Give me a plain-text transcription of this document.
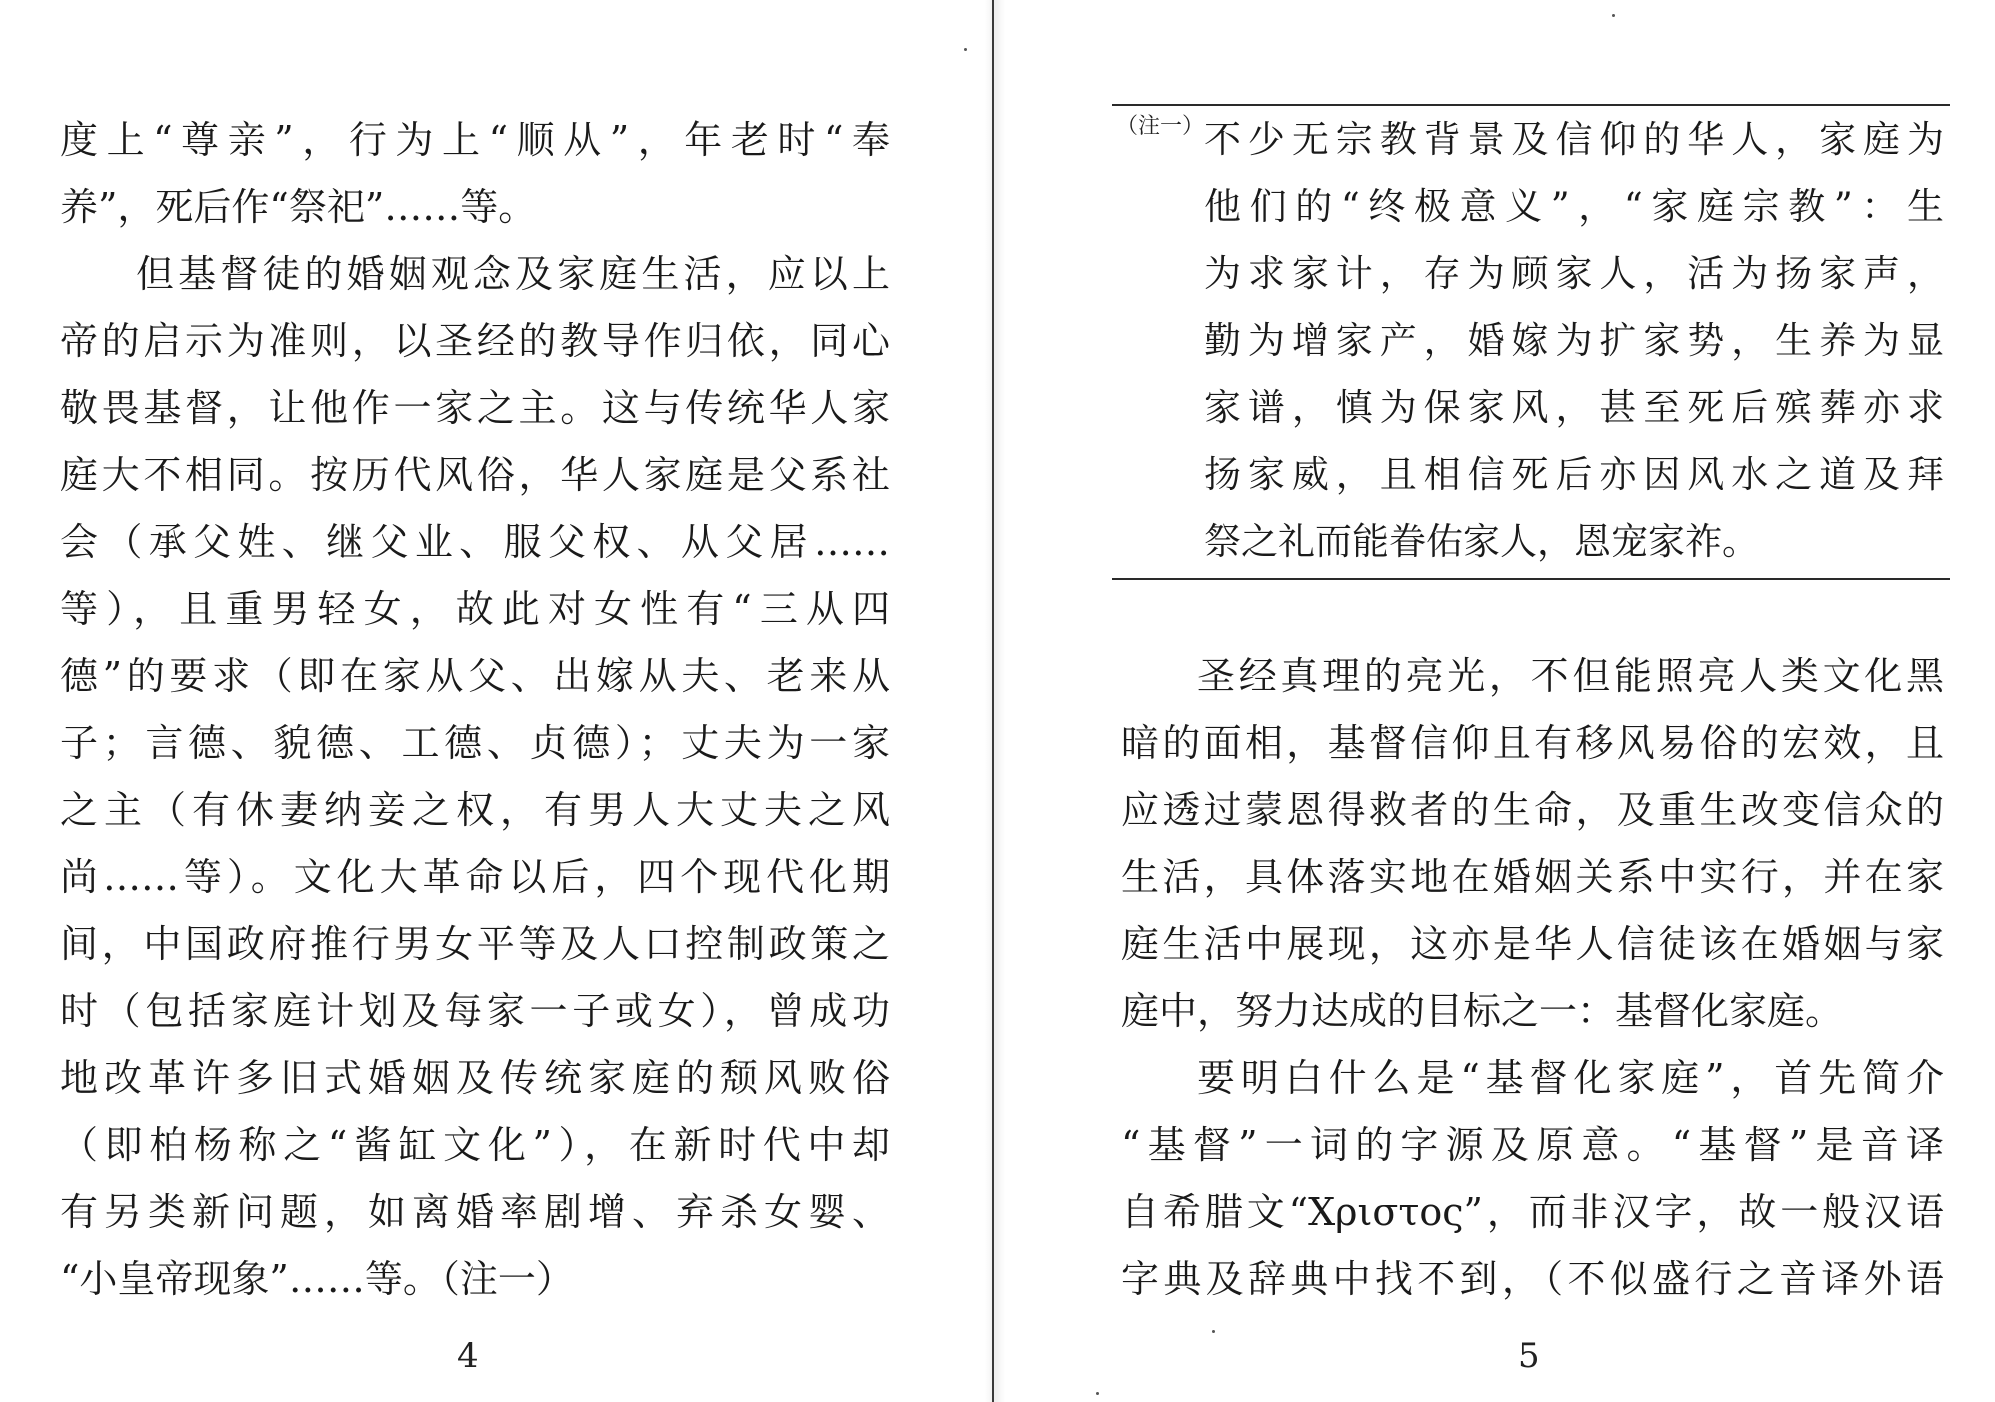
度上“尊亲”，行为上“顺从”，年老时“奉
养”，死后作“祭祀”……等。
但基督徒的婚姻观念及家庭生活，应以上
帝的启示为准则，以圣经的教导作归依，同心
敬畏基督，让他作一家之主。这与传统华人家
庭大不相同。按历代风俗，华人家庭是父系社
会（承父姓、继父业、服父权、从父居……
等），且重男轻女，故此对女性有“三从四
德”的要求（即在家从父、出嫁从夫、老来从
子；言德、貌德、工德、贞德）；丈夫为一家
之主（有休妻纳妾之权，有男人大丈夫之风
尚……等）。文化大革命以后，四个现代化期
间，中国政府推行男女平等及人口控制政策之
时（包括家庭计划及每家一子或女），曾成功
地改革许多旧式婚姻及传统家庭的颓风败俗
（即柏杨称之“酱缸文化”），在新时代中却
有另类新问题，如离婚率剧增、弃杀女婴、
“小皇帝现象”……等。（注一）
4
（注一） 不少无宗教背景及信仰的华人，家庭为
他们的“终极意义”，“家庭宗教”：生
为求家计，存为顾家人，活为扬家声，
勤为增家产，婚嫁为扩家势，生养为显
家谱，慎为保家风，甚至死后殡葬亦求
扬家威，且相信死后亦因风水之道及拜
祭之礼而能眷佑家人，恩宠家祚。
圣经真理的亮光，不但能照亮人类文化黑
暗的面相，基督信仰且有移风易俗的宏效，且
应透过蒙恩得救者的生命，及重生改变信众的
生活，具体落实地在婚姻关系中实行，并在家
庭生活中展现，这亦是华人信徒该在婚姻与家
庭中，努力达成的目标之一：基督化家庭。
要明白什么是“基督化家庭”，首先简介
“基督”一词的字源及原意。“基督”是音译
自希腊文“Χριστος”，而非汉字，故一般汉语
字典及辞典中找不到，（不似盛行之音译外语
5
